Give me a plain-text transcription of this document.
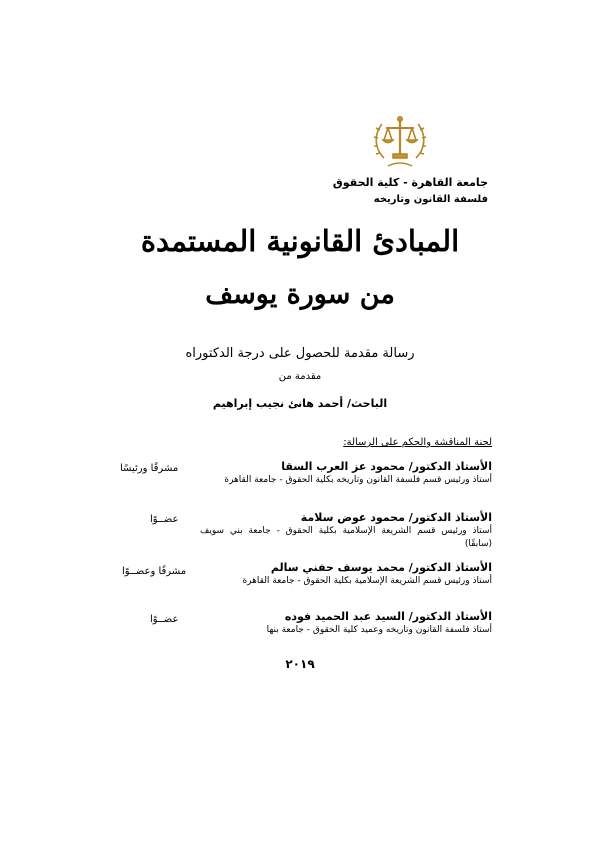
جامعة القاهرة - كلية الحقوق
فلسفة القانون وتاريخه
المبادئ القانونية المستمدة
من سورة يوسف
رسالة مقدمة للحصول على درجة الدكتوراه
مقدمة من
الباحث/ أحمد هانئ نجيب إبراهيم
لجنة المناقشة والحكم على الرسالة:
الأستاذ الدكتور/ محمود عز العرب السقا
أستاذ ورئيس قسم فلسفة القانون وتاريخه بكلية الحقوق - جامعة القاهرة
مشرفًا ورئيسًا
الأستاذ الدكتور/ محمود عوض سلامة
أستاذ ورئيس قسم الشريعة الإسلامية بكلية الحقوق - جامعة بني سويف (سابقًا)
عضــوًا
الأستاذ الدكتور/ محمد يوسف حفني سالم
أستاذ ورئيس قسم الشريعة الإسلامية بكلية الحقوق - جامعة القاهرة
مشرفًا وعضــوًا
الأستاذ الدكتور/ السيد عبد الحميد فوده
أستاذ فلسفة القانون وتاريخه وعميد كلية الحقوق - جامعة بنها
عضــوًا
٢٠١٩
